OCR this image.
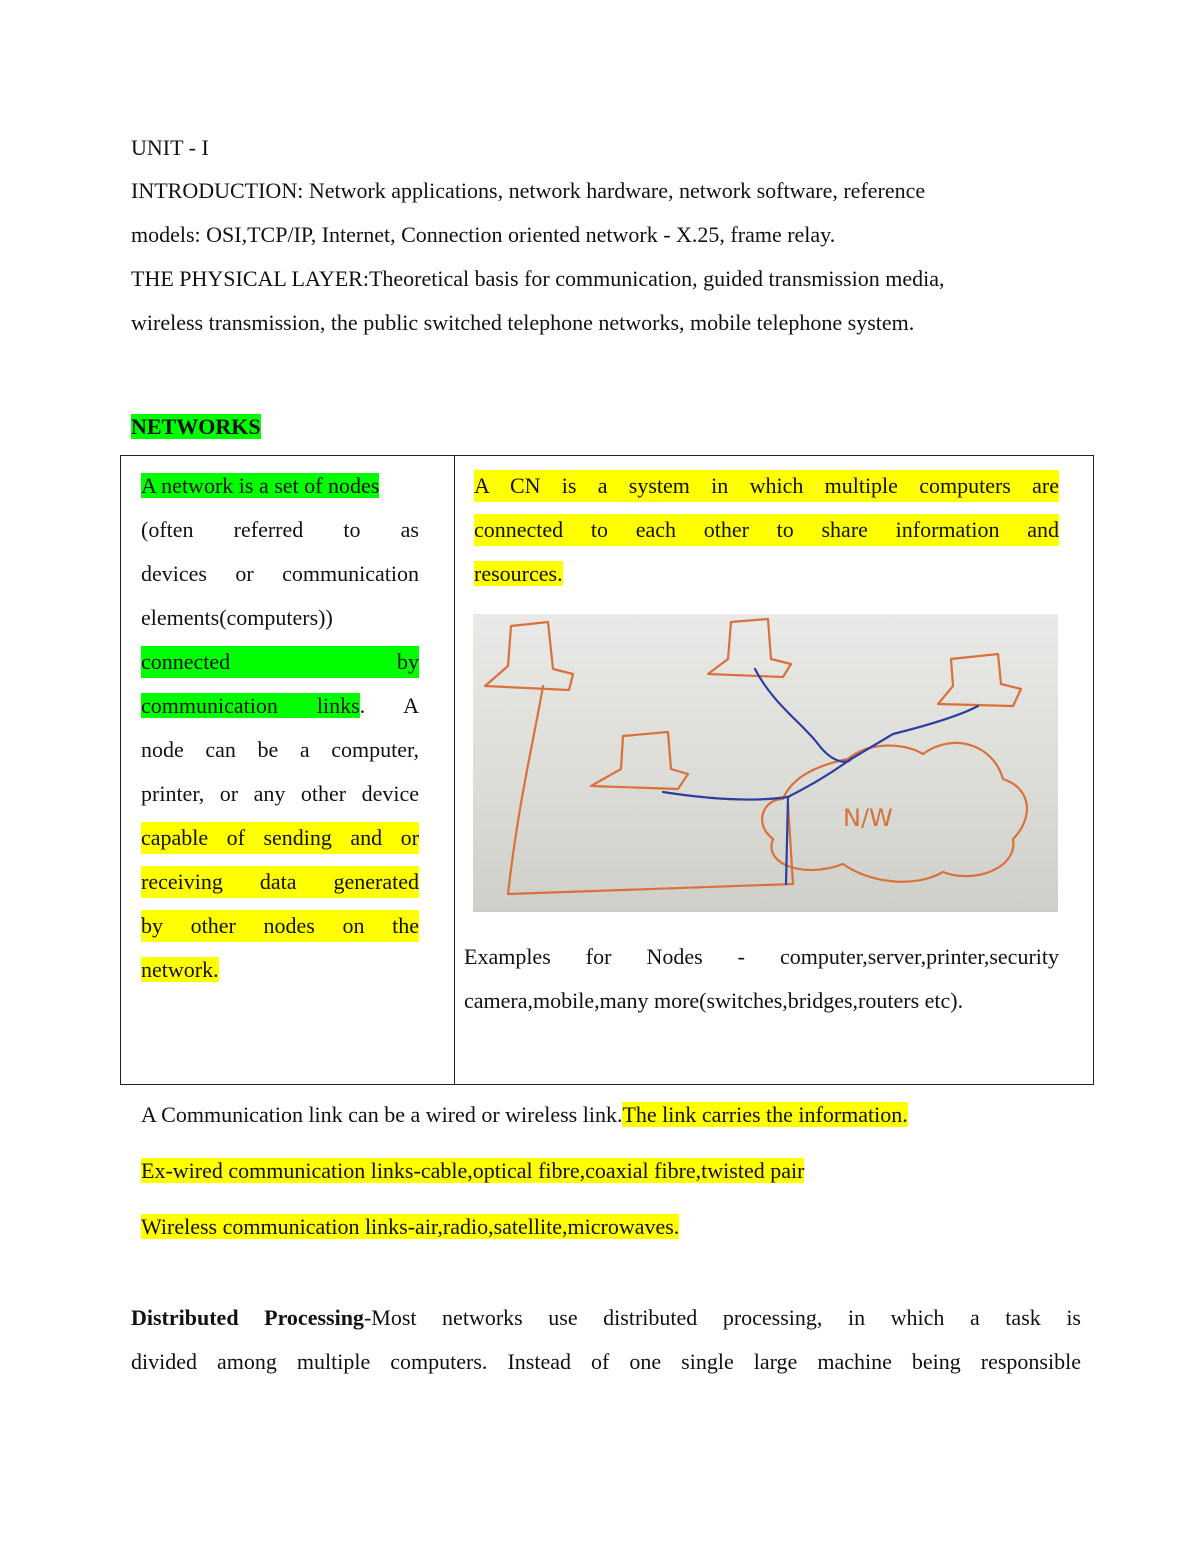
UNIT - I
INTRODUCTION: Network applications, network hardware, network software, reference
models: OSI,TCP/IP, Internet, Connection oriented network - X.25, frame relay.
THE PHYSICAL LAYER:Theoretical basis for communication, guided transmission media,
wireless transmission, the public switched telephone networks, mobile telephone system.
NETWORKS

A network is a set of nodes
(often referred to as
devices or communication
elements(computers))
connected by
communication links. A
node can be a computer,
printer, or any other device
capable of sending and or
receiving data generated
by other nodes on the
network.
A CN is a system in which multiple computers are
connected to each other to share information and
resources.
N/W
Examples for Nodes - computer,server,printer,security
camera,mobile,many more(switches,bridges,routers etc).
A Communication link can be a wired or wireless link.The link carries the information.
Ex-wired communication links-cable,optical fibre,coaxial fibre,twisted pair
Wireless communication links-air,radio,satellite,microwaves.
Distributed Processing-Most networks use distributed processing, in which a task is
divided among multiple computers. Instead of one single large machine being responsible
